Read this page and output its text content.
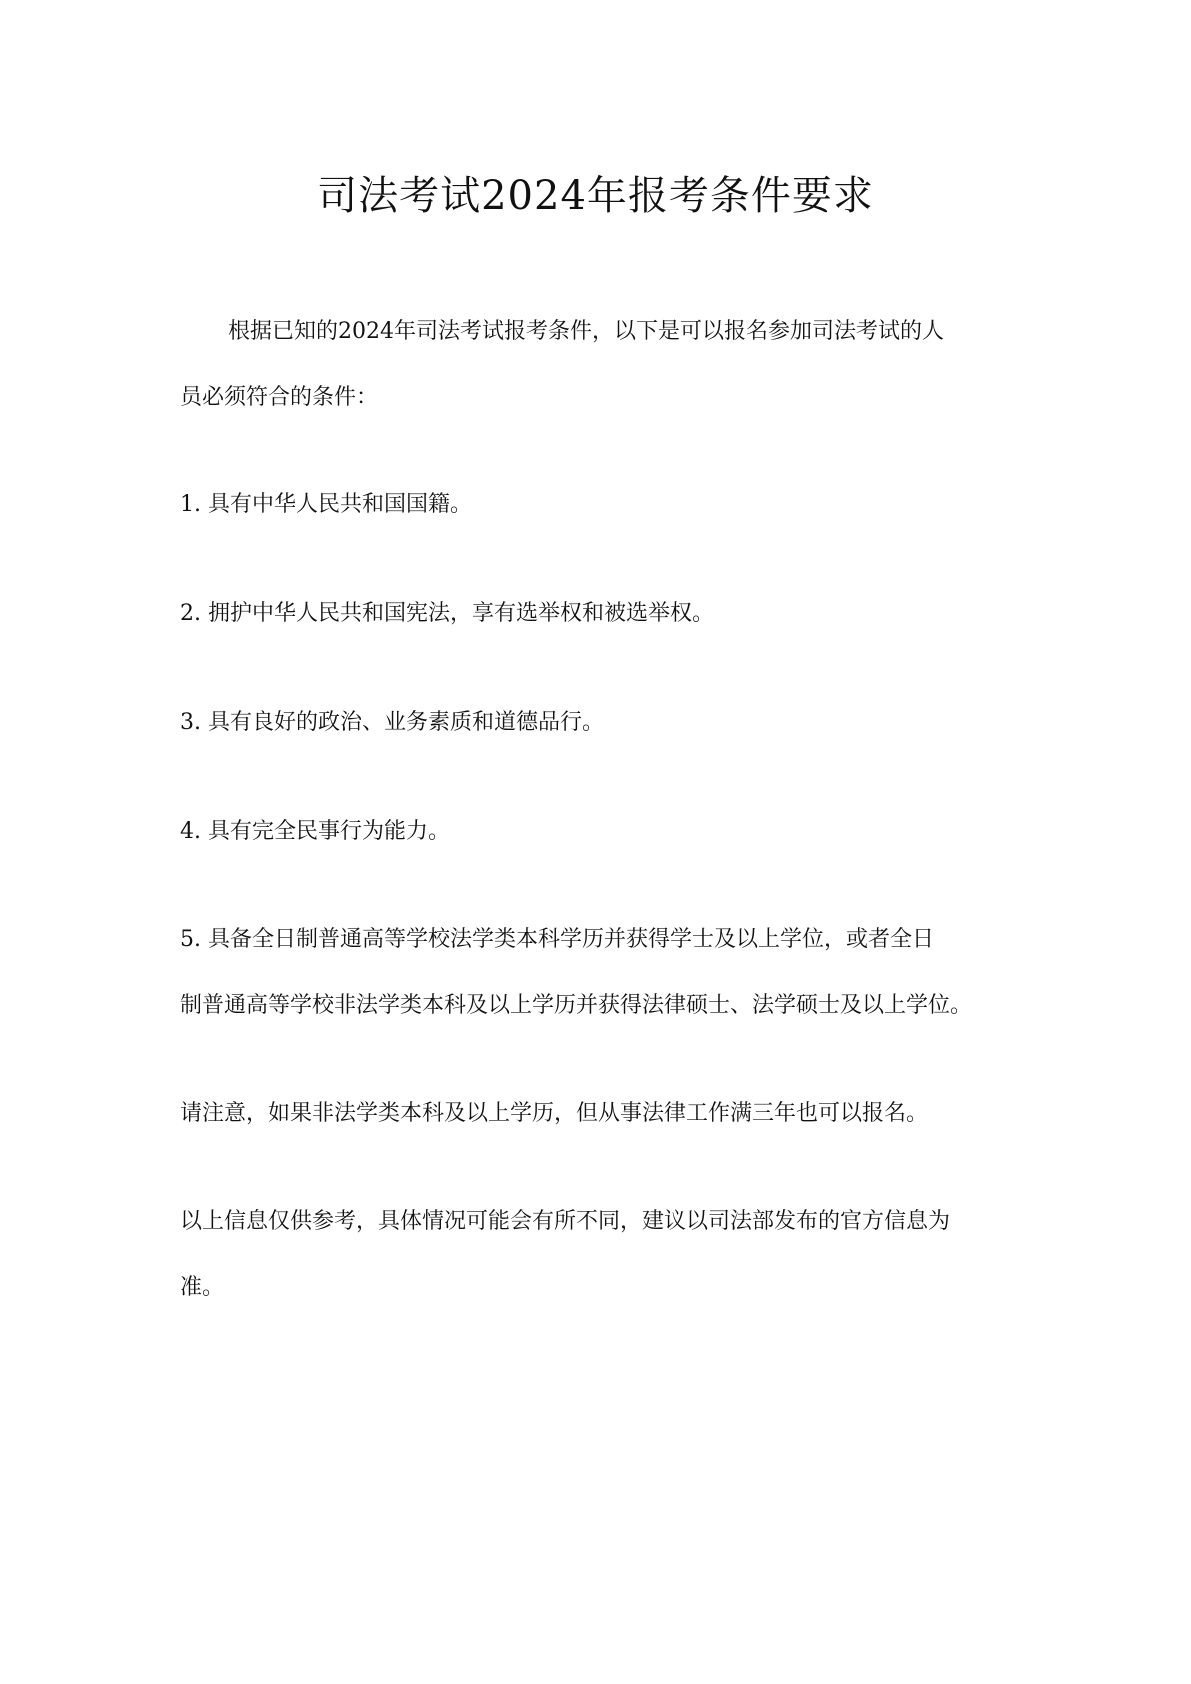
司法考试2024年报考条件要求
根据已知的2024年司法考试报考条件，以下是可以报名参加司法考试的人
员必须符合的条件：
1. 具有中华人民共和国国籍。
2. 拥护中华人民共和国宪法，享有选举权和被选举权。
3. 具有良好的政治、业务素质和道德品行。
4. 具有完全民事行为能力。
5. 具备全日制普通高等学校法学类本科学历并获得学士及以上学位，或者全日
制普通高等学校非法学类本科及以上学历并获得法律硕士、法学硕士及以上学位。
请注意，如果非法学类本科及以上学历，但从事法律工作满三年也可以报名。
以上信息仅供参考，具体情况可能会有所不同，建议以司法部发布的官方信息为
准。
